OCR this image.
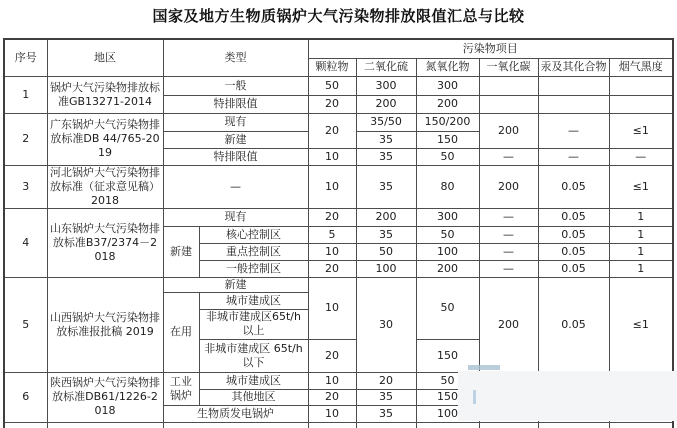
国家及地方生物质锅炉大气污染物排放限值汇总与比较
序号	地区	类型		污染物项目					
				颗粒物	二氧化硫	氮氧化物	一氧化碳	汞及其化合物	烟气黑度
1	锅炉大气污染物排放标准GB13271-2014	一般		50	300	300			
		特排限值		20	200	200			
2	广东锅炉大气污染物排放标准DB 44/765-2019	现有		20	35/50	150/200	200	—	≤1
		新建			35	150			
		特排限值		10	35	50	—	—	—
3	河北锅炉大气污染物排放标准（征求意见稿）2018	—		10	35	80	200	0.05	≤1
4	山东锅炉大气污染物排放标准B37/2374－2018	现有		20	200	300	—	0.05	1
		新建	核心控制区	5	35	50	—	0.05	1
			重点控制区	10	50	100	—	0.05	1
			一般控制区	20	100	200	—	0.05	1
5	山西锅炉大气污染物排放标准报批稿 2019	新建		10	30	50	200	0.05	≤1
		在用	城市建成区						
			非城市建成区65t/h 以上						
			非城市建成区 65t/h 以下	20		150			
6	陕西锅炉大气污染物排放标准DB61/1226-2018	工业锅炉	城市建成区	10	20	50			
			其他地区	20	35	150			
		生物质发电锅炉		10	35	100			
